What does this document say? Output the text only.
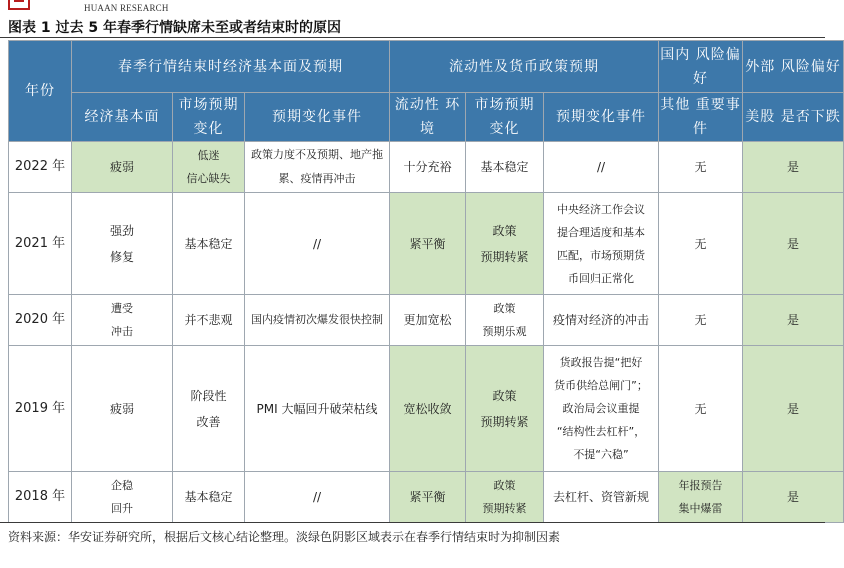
HUAAN RESEARCH
图表 1 过去 5 年春季行情缺席未至或者结束时的原因
年份	春季行情结束时经济基本面及预期			流动性及货币政策预期			国内 风险偏好	外部 风险偏好
	经济基本面	市场预期 变化	预期变化事件	流动性 环境	市场预期 变化	预期变化事件	其他 重要事件	美股 是否下跌
2022 年	疲弱	低迷
信心缺失	政策力度不及预期、地产拖累、疫情再冲击	十分充裕	基本稳定	//	无	是
2021 年	强劲
修复	基本稳定	//	紧平衡	政策
预期转紧	中央经济工作会议
提合理适度和基本
匹配，市场预期货
币回归正常化	无	是
2020 年	遭受
冲击	并不悲观	国内疫情初次爆发很快控制	更加宽松	政策
预期乐观	疫情对经济的冲击	无	是
2019 年	疲弱	阶段性
改善	PMI 大幅回升破荣枯线	宽松收敛	政策
预期转紧	货政报告提“把好
货币供给总闸门”；
政治局会议重提
“结构性去杠杆”，
不提“六稳”	无	是
2018 年	企稳
回升	基本稳定	//	紧平衡	政策
预期转紧	去杠杆、资管新规	年报预告
集中爆雷	是
资料来源：华安证券研究所，根据后文核心结论整理。淡绿色阴影区域表示在春季行情结束时为抑制因素
